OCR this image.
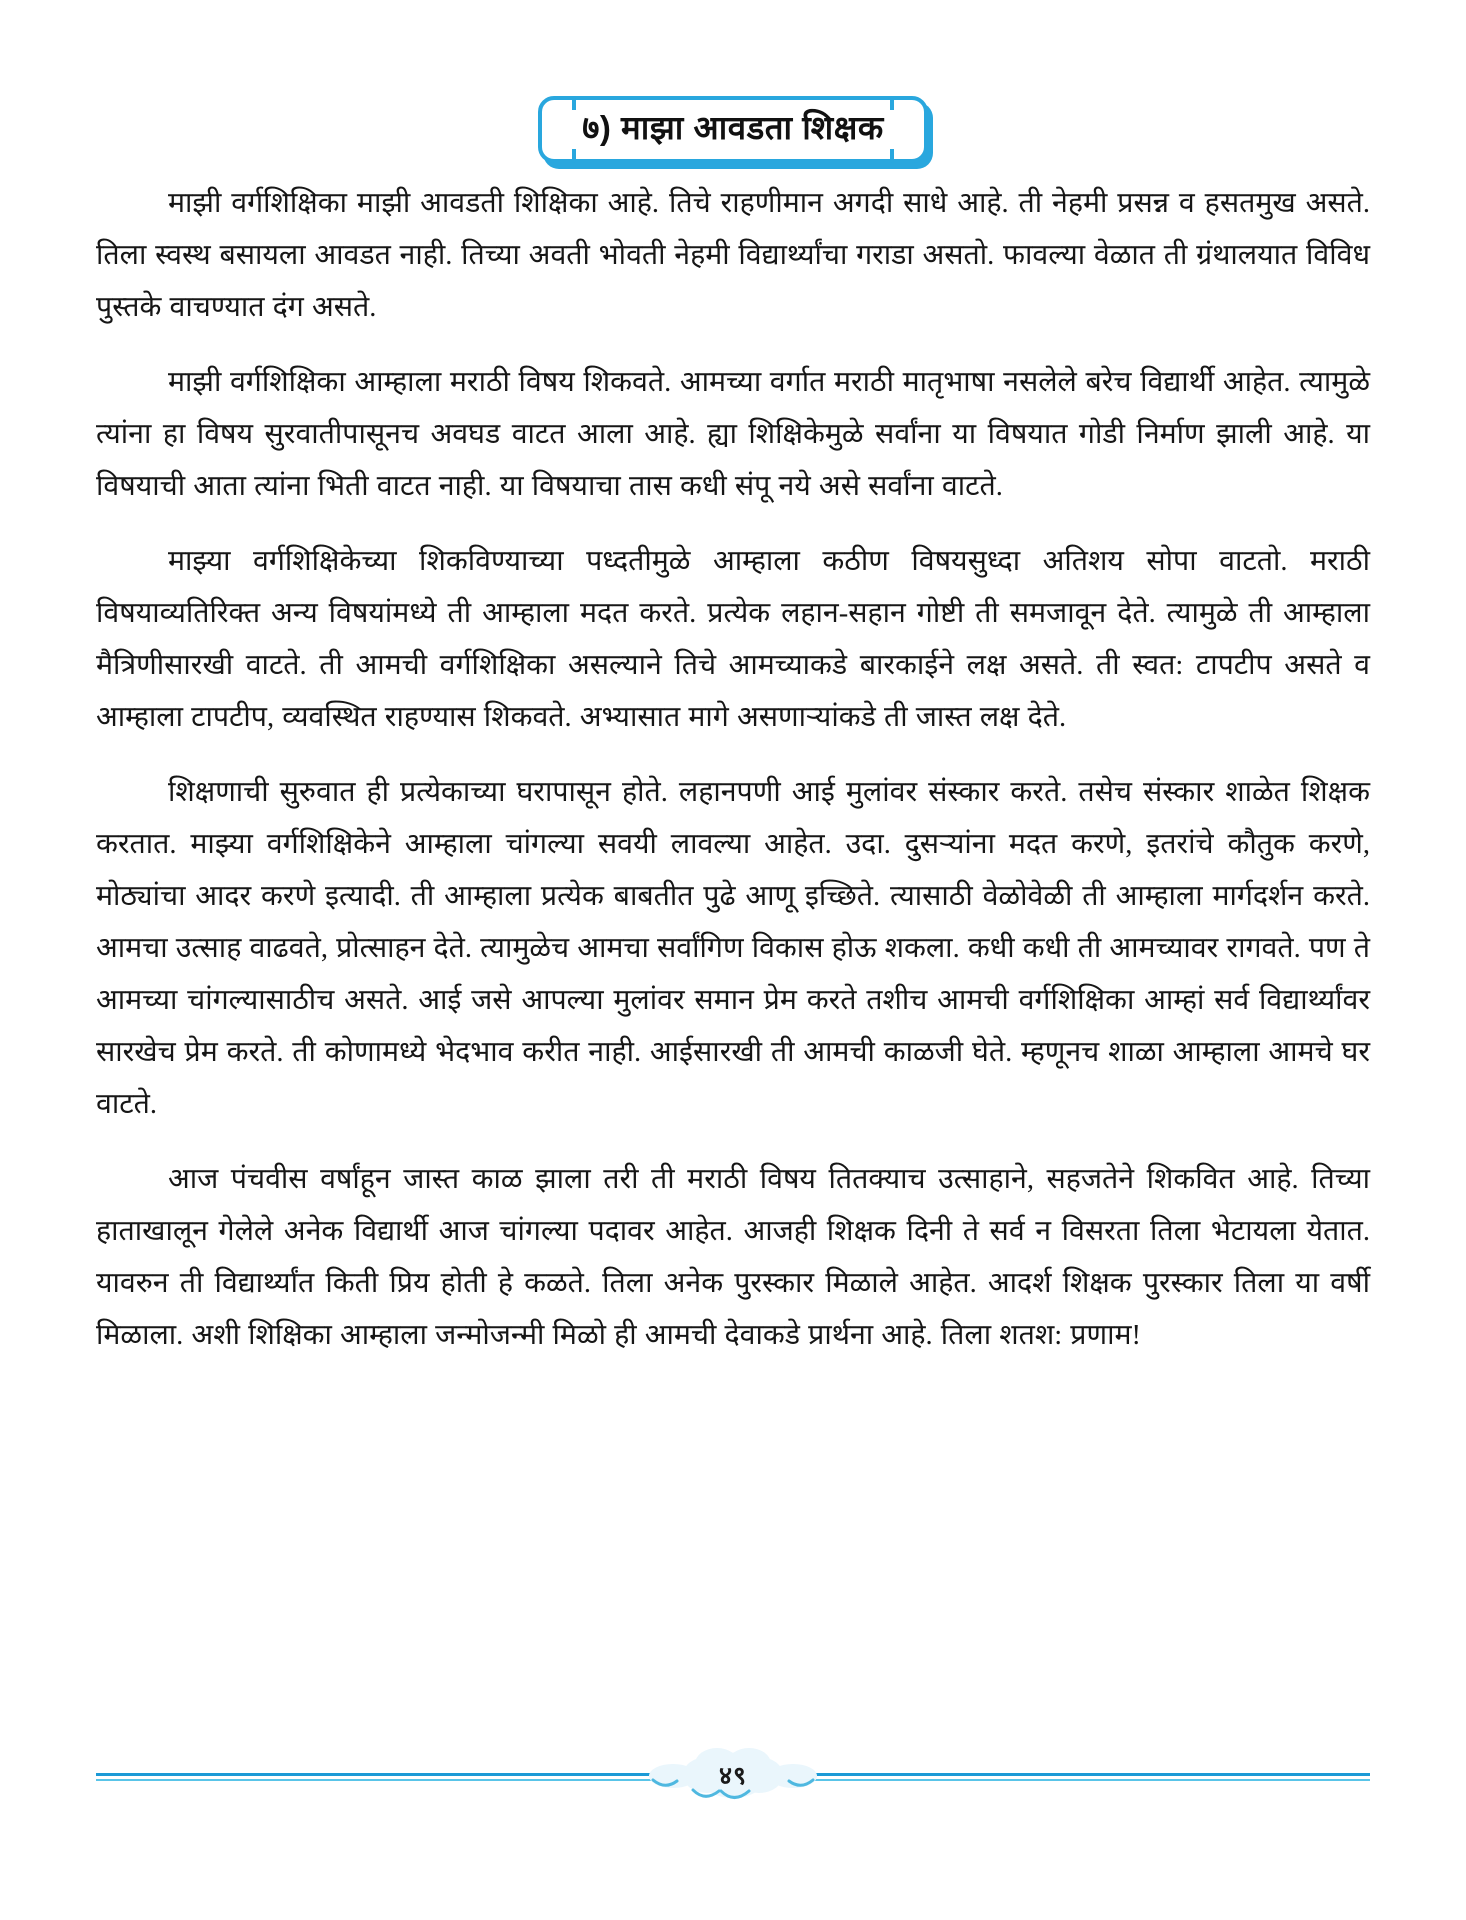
७) माझा आवडता शिक्षक

माझी वर्गशिक्षिका माझी आवडती शिक्षिका आहे. तिचे राहणीमान अगदी साधे आहे. ती नेहमी प्रसन्न व हसतमुख असते. तिला स्वस्थ बसायला आवडत नाही. तिच्या अवती भोवती नेहमी विद्यार्थ्यांचा गराडा असतो. फावल्या वेळात ती ग्रंथालयात विविध पुस्तके वाचण्यात दंग असते.

माझी वर्गशिक्षिका आम्हाला मराठी विषय शिकवते. आमच्या वर्गात मराठी मातृभाषा नसलेले बरेच विद्यार्थी आहेत. त्यामुळे त्यांना हा विषय सुरवातीपासूनच अवघड वाटत आला आहे. ह्या शिक्षिकेमुळे सर्वांना या विषयात गोडी निर्माण झाली आहे. या विषयाची आता त्यांना भिती वाटत नाही. या विषयाचा तास कधी संपू नये असे सर्वांना वाटते.

माझ्या वर्गशिक्षिकेच्या शिकविण्याच्या पध्दतीमुळे आम्हाला कठीण विषयसुध्दा अतिशय सोपा वाटतो. मराठी विषयाव्यतिरिक्त अन्य विषयांमध्ये ती आम्हाला मदत करते. प्रत्येक लहान-सहान गोष्टी ती समजावून देते. त्यामुळे ती आम्हाला मैत्रिणीसारखी वाटते. ती आमची वर्गशिक्षिका असल्याने तिचे आमच्याकडे बारकाईने लक्ष असते. ती स्वत: टापटीप असते व आम्हाला टापटीप, व्यवस्थित राहण्यास शिकवते. अभ्यासात मागे असणाऱ्यांकडे ती जास्त लक्ष देते.

शिक्षणाची सुरुवात ही प्रत्येकाच्या घरापासून होते. लहानपणी आई मुलांवर संस्कार करते. तसेच संस्कार शाळेत शिक्षक करतात. माझ्या वर्गशिक्षिकेने आम्हाला चांगल्या सवयी लावल्या आहेत. उदा. दुसऱ्यांना मदत करणे, इतरांचे कौतुक करणे, मोठ्यांचा आदर करणे इत्यादी. ती आम्हाला प्रत्येक बाबतीत पुढे आणू इच्छिते. त्यासाठी वेळोवेळी ती आम्हाला मार्गदर्शन करते. आमचा उत्साह वाढवते, प्रोत्साहन देते. त्यामुळेच आमचा सर्वांगिण विकास होऊ शकला. कधी कधी ती आमच्यावर रागवते. पण ते आमच्या चांगल्यासाठीच असते. आई जसे आपल्या मुलांवर समान प्रेम करते तशीच आमची वर्गशिक्षिका आम्हां सर्व विद्यार्थ्यांवर सारखेच प्रेम करते. ती कोणामध्ये भेदभाव करीत नाही. आईसारखी ती आमची काळजी घेते. म्हणूनच शाळा आम्हाला आमचे घर वाटते.

आज पंचवीस वर्षांहून जास्त काळ झाला तरी ती मराठी विषय तितक्याच उत्साहाने, सहजतेने शिकवित आहे. तिच्या हाताखालून गेलेले अनेक विद्यार्थी आज चांगल्या पदावर आहेत. आजही शिक्षक दिनी ते सर्व न विसरता तिला भेटायला येतात. यावरुन ती विद्यार्थ्यांत किती प्रिय होती हे कळते. तिला अनेक पुरस्कार मिळाले आहेत. आदर्श शिक्षक पुरस्कार तिला या वर्षी मिळाला. अशी शिक्षिका आम्हाला जन्मोजन्मी मिळो ही आमची देवाकडे प्रार्थना आहे. तिला शतश: प्रणाम!

४९
